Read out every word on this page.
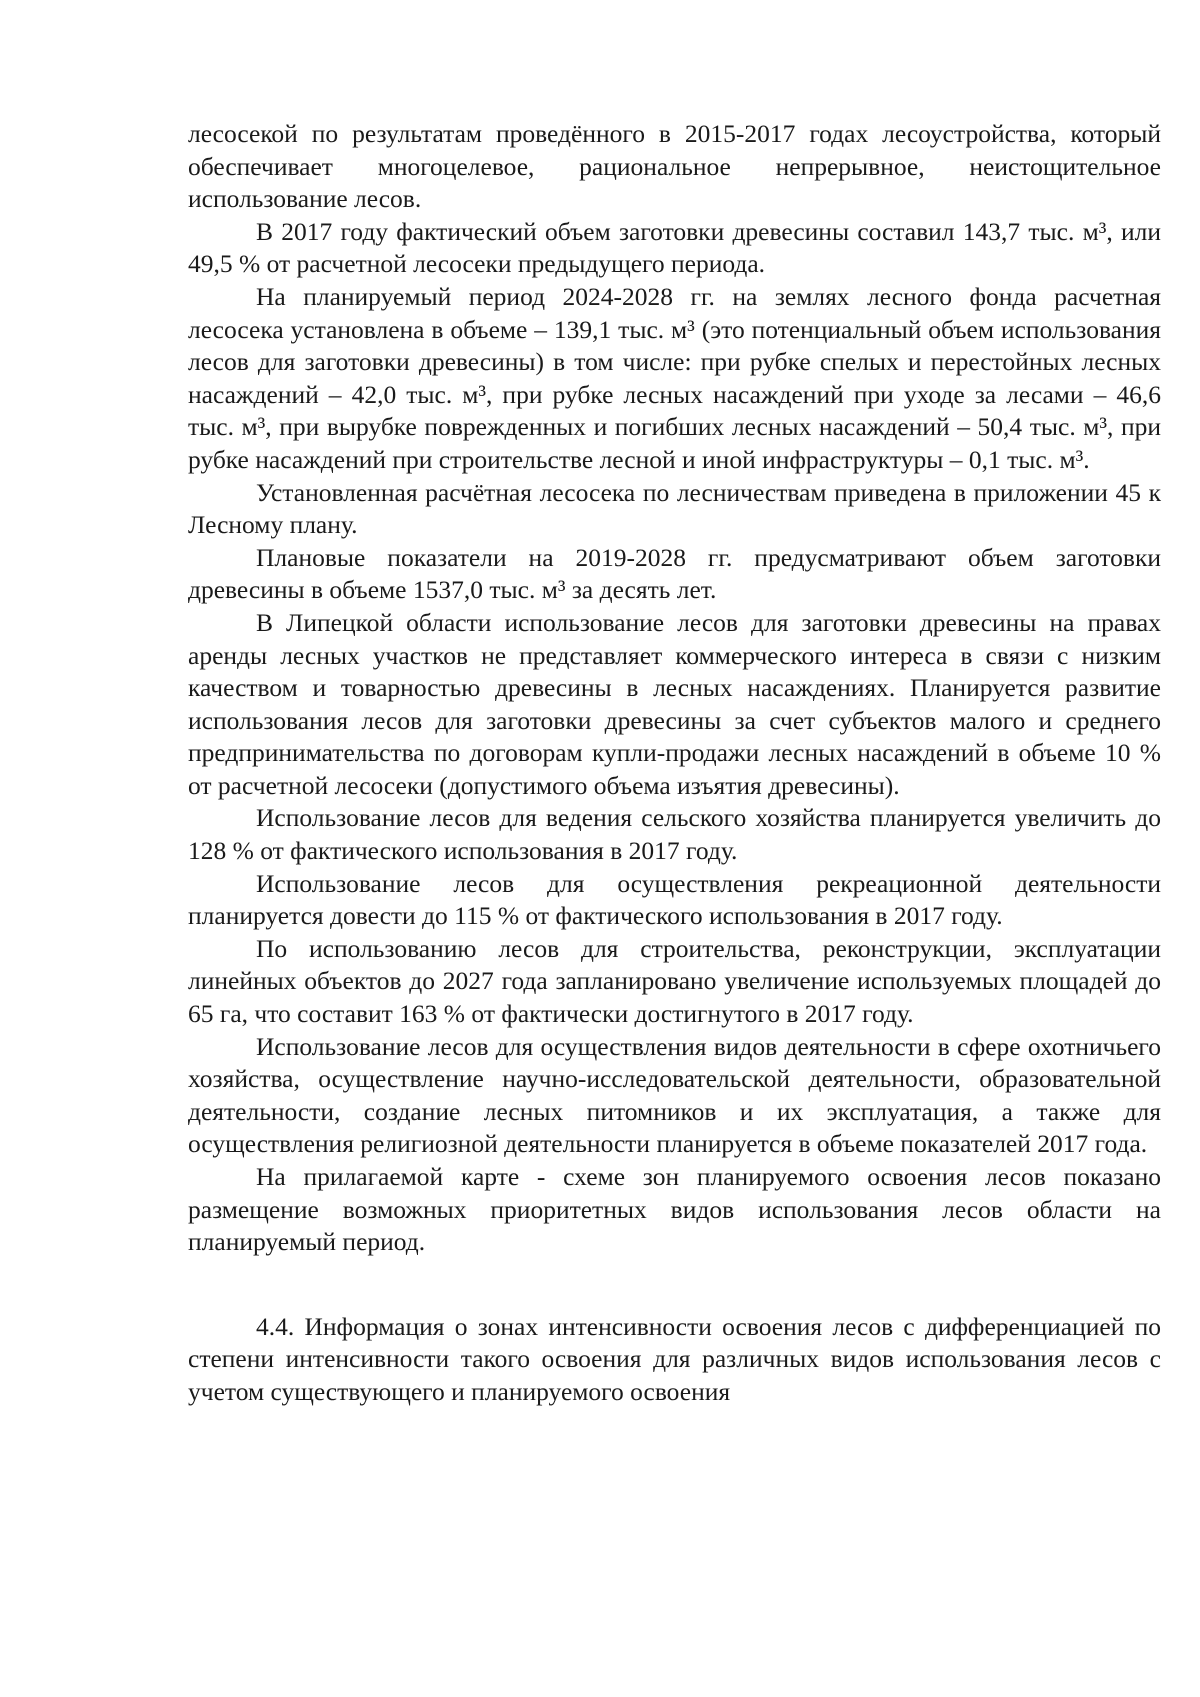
лесосекой по результатам проведённого в 2015-2017 годах лесоустройства, который обеспечивает многоцелевое, рациональное непрерывное, неистощительное использование лесов.

В 2017 году фактический объем заготовки древесины составил 143,7 тыс. м³, или 49,5 % от расчетной лесосеки предыдущего периода.

На планируемый период 2024-2028 гг. на землях лесного фонда расчетная лесосека установлена в объеме – 139,1 тыс. м³ (это потенциальный объем использования лесов для заготовки древесины) в том числе: при рубке спелых и перестойных лесных насаждений – 42,0 тыс. м³, при рубке лесных насаждений при уходе за лесами – 46,6 тыс. м³, при вырубке поврежденных и погибших лесных насаждений – 50,4 тыс. м³, при рубке насаждений при строительстве лесной и иной инфраструктуры – 0,1 тыс. м³.

Установленная расчётная лесосека по лесничествам приведена в приложении 45 к Лесному плану.

Плановые показатели на 2019-2028 гг. предусматривают объем заготовки древесины в объеме 1537,0 тыс. м³ за десять лет.

В Липецкой области использование лесов для заготовки древесины на правах аренды лесных участков не представляет коммерческого интереса в связи с низким качеством и товарностью древесины в лесных насаждениях. Планируется развитие использования лесов для заготовки древесины за счет субъектов малого и среднего предпринимательства по договорам купли-продажи лесных насаждений в объеме 10 % от расчетной лесосеки (допустимого объема изъятия древесины).

Использование лесов для ведения сельского хозяйства планируется увеличить до 128 % от фактического использования в 2017 году.

Использование лесов для осуществления рекреационной деятельности планируется довести до 115 % от фактического использования в 2017 году.

По использованию лесов для строительства, реконструкции, эксплуатации линейных объектов до 2027 года запланировано увеличение используемых площадей до 65 га, что составит 163 % от фактически достигнутого в 2017 году.

Использование лесов для осуществления видов деятельности в сфере охотничьего хозяйства, осуществление научно-исследовательской деятельности, образовательной деятельности, создание лесных питомников и их эксплуатация, а также для осуществления религиозной деятельности планируется в объеме показателей 2017 года.

На прилагаемой карте - схеме зон планируемого освоения лесов показано размещение возможных приоритетных видов использования лесов области на планируемый период.

4.4. Информация о зонах интенсивности освоения лесов с дифференциацией по степени интенсивности такого освоения для различных видов использования лесов с учетом существующего и планируемого освоения
